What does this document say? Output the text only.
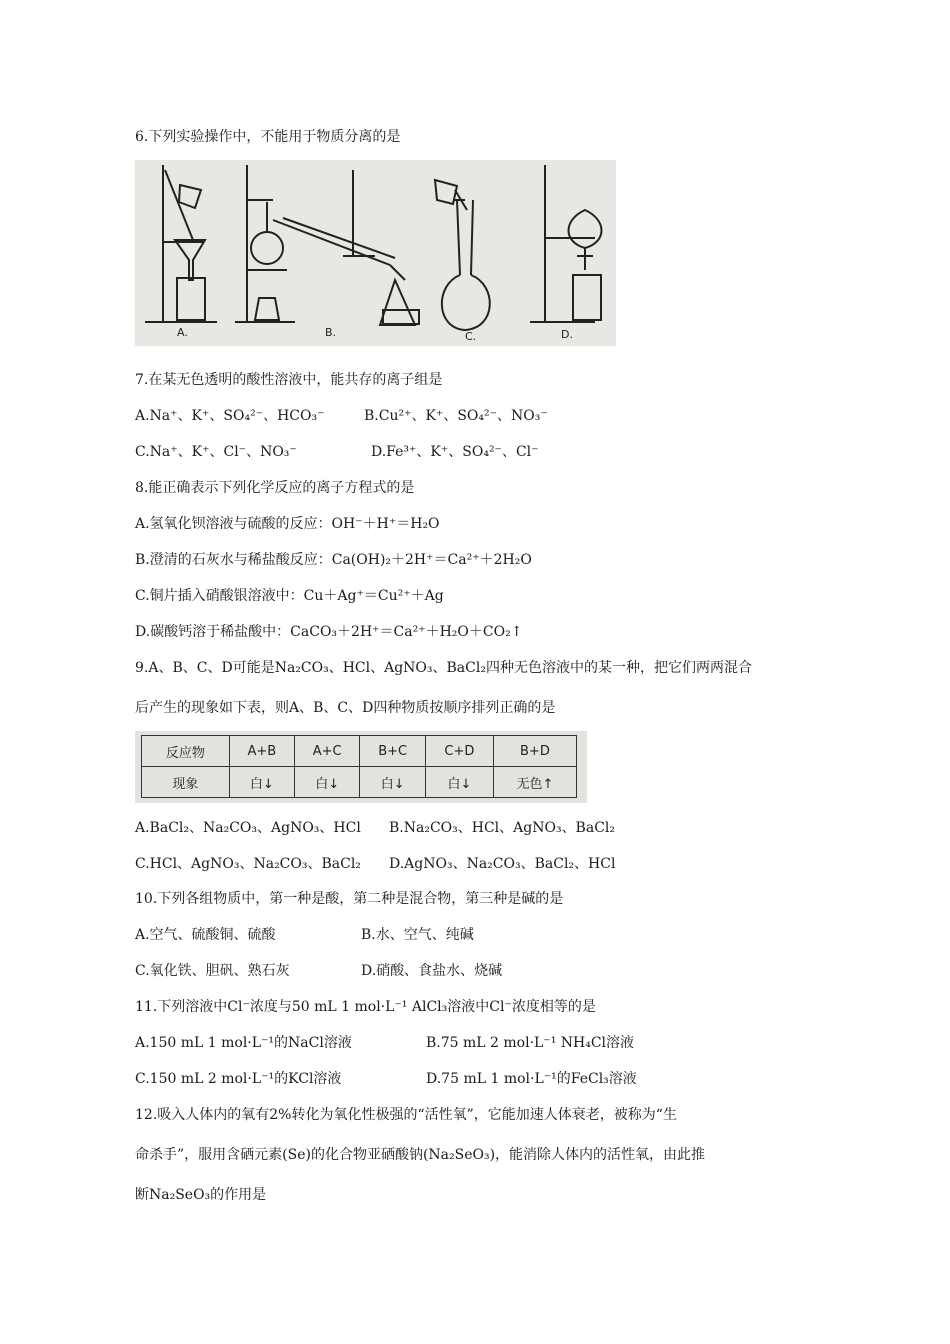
6.下列实验操作中，不能用于物质分离的是
A.	B.	C.	D.
7.在某无色透明的酸性溶液中，能共存的离子组是
A.Na⁺、K⁺、SO₄²⁻、HCO₃⁻	B.Cu²⁺、K⁺、SO₄²⁻、NO₃⁻
C.Na⁺、K⁺、Cl⁻、NO₃⁻	D.Fe³⁺、K⁺、SO₄²⁻、Cl⁻
8.能正确表示下列化学反应的离子方程式的是
A.氢氧化钡溶液与硫酸的反应：OH⁻＋H⁺＝H₂O
B.澄清的石灰水与稀盐酸反应：Ca(OH)₂＋2H⁺＝Ca²⁺＋2H₂O
C.铜片插入硝酸银溶液中：Cu＋Ag⁺＝Cu²⁺＋Ag
D.碳酸钙溶于稀盐酸中：CaCO₃＋2H⁺＝Ca²⁺＋H₂O＋CO₂↑
9.A、B、C、D可能是Na₂CO₃、HCl、AgNO₃、BaCl₂四种无色溶液中的某一种，把它们两两混合
后产生的现象如下表，则A、B、C、D四种物质按顺序排列正确的是
反应物	A+B	A+C	B+C	C+D	B+D
现象	白↓	白↓	白↓	白↓	无色↑
A.BaCl₂、Na₂CO₃、AgNO₃、HCl B.Na₂CO₃、HCl、AgNO₃、BaCl₂
C.HCl、AgNO₃、Na₂CO₃、BaCl₂ D.AgNO₃、Na₂CO₃、BaCl₂、HCl
10.下列各组物质中，第一种是酸，第二种是混合物，第三种是碱的是
A.空气、硫酸铜、硫酸	B.水、空气、纯碱
C.氧化铁、胆矾、熟石灰	D.硝酸、食盐水、烧碱
11.下列溶液中Cl⁻浓度与50 mL 1 mol·L⁻¹ AlCl₃溶液中Cl⁻浓度相等的是
A.150 mL 1 mol·L⁻¹的NaCl溶液	B.75 mL 2 mol·L⁻¹ NH₄Cl溶液
C.150 mL 2 mol·L⁻¹的KCl溶液	D.75 mL 1 mol·L⁻¹的FeCl₃溶液
12.吸入人体内的氧有2%转化为氧化性极强的“活性氧”，它能加速人体衰老，被称为“生
命杀手”，服用含硒元素(Se)的化合物亚硒酸钠(Na₂SeO₃)，能消除人体内的活性氧，由此推
断Na₂SeO₃的作用是
